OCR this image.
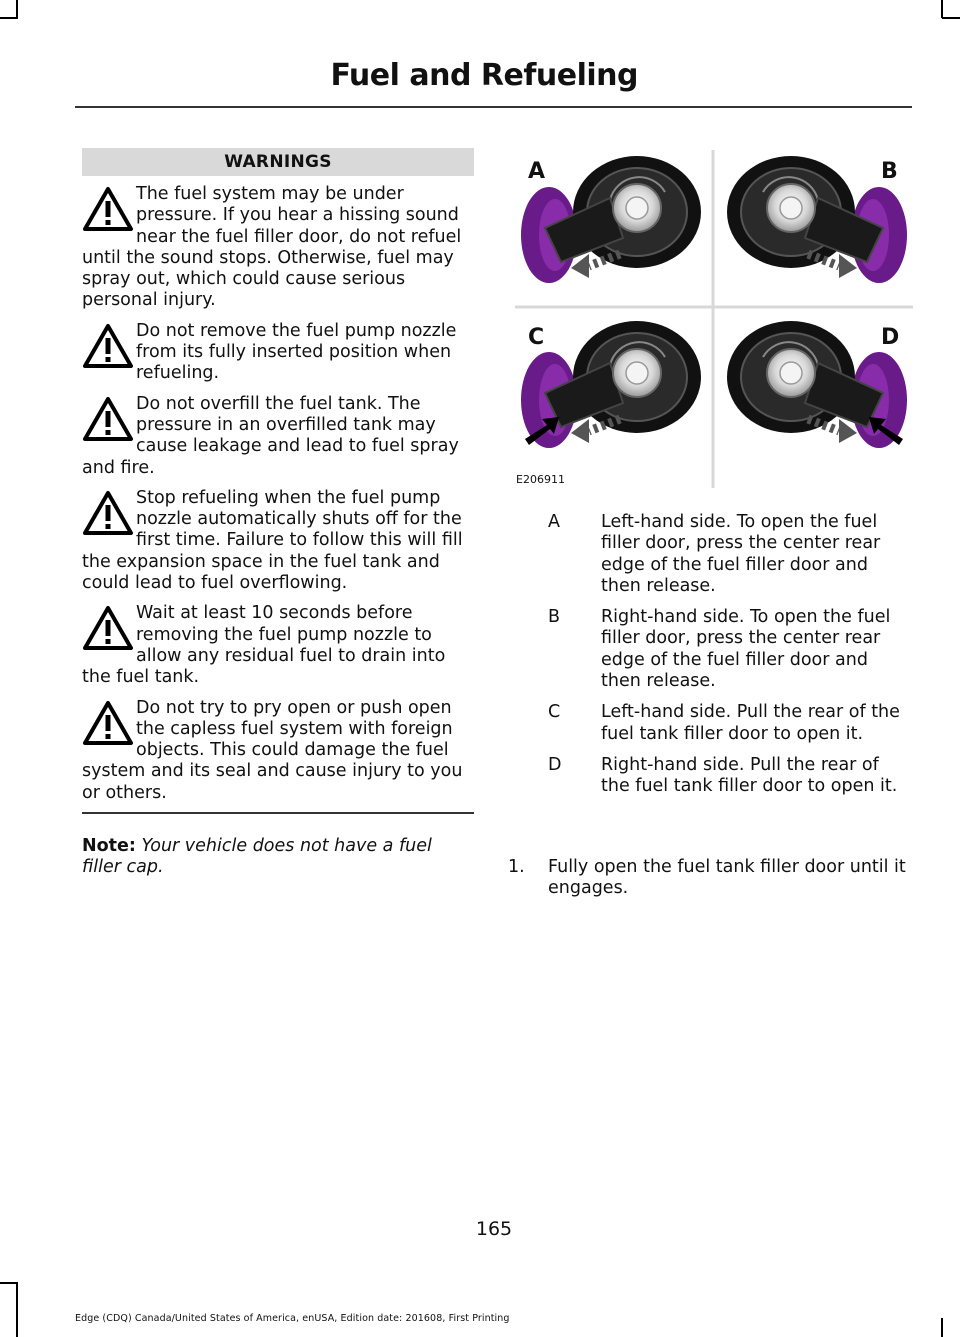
Fuel and Refueling
WARNINGS

The fuel system may be under pressure. If you hear a hissing sound near the fuel filler door, do not refuel until the sound stops. Otherwise, fuel may spray out, which could cause serious personal injury.

Do not remove the fuel pump nozzle from its fully inserted position when refueling.

Do not overfill the fuel tank. The pressure in an overfilled tank may cause leakage and lead to fuel spray and fire.

Stop refueling when the fuel pump nozzle automatically shuts off for the first time. Failure to follow this will fill the expansion space in the fuel tank and could lead to fuel overflowing.

Wait at least 10 seconds before removing the fuel pump nozzle to allow any residual fuel to drain into the fuel tank.

Do not try to pry open or push open the capless fuel system with foreign objects. This could damage the fuel system and its seal and cause injury to you or others.

Note: Your vehicle does not have a fuel filler cap.
A	B
C	D
E206911
A Left-hand side. To open the fuel filler door, press the center rear edge of the fuel filler door and then release.
B Right-hand side. To open the fuel filler door, press the center rear edge of the fuel filler door and then release.
C Left-hand side. Pull the rear of the fuel tank filler door to open it.
D Right-hand side. Pull the rear of the fuel tank filler door to open it.
1.	Fully open the fuel tank filler door until it engages.
165
Edge (CDQ) Canada/United States of America, enUSA, Edition date: 201608, First Printing
